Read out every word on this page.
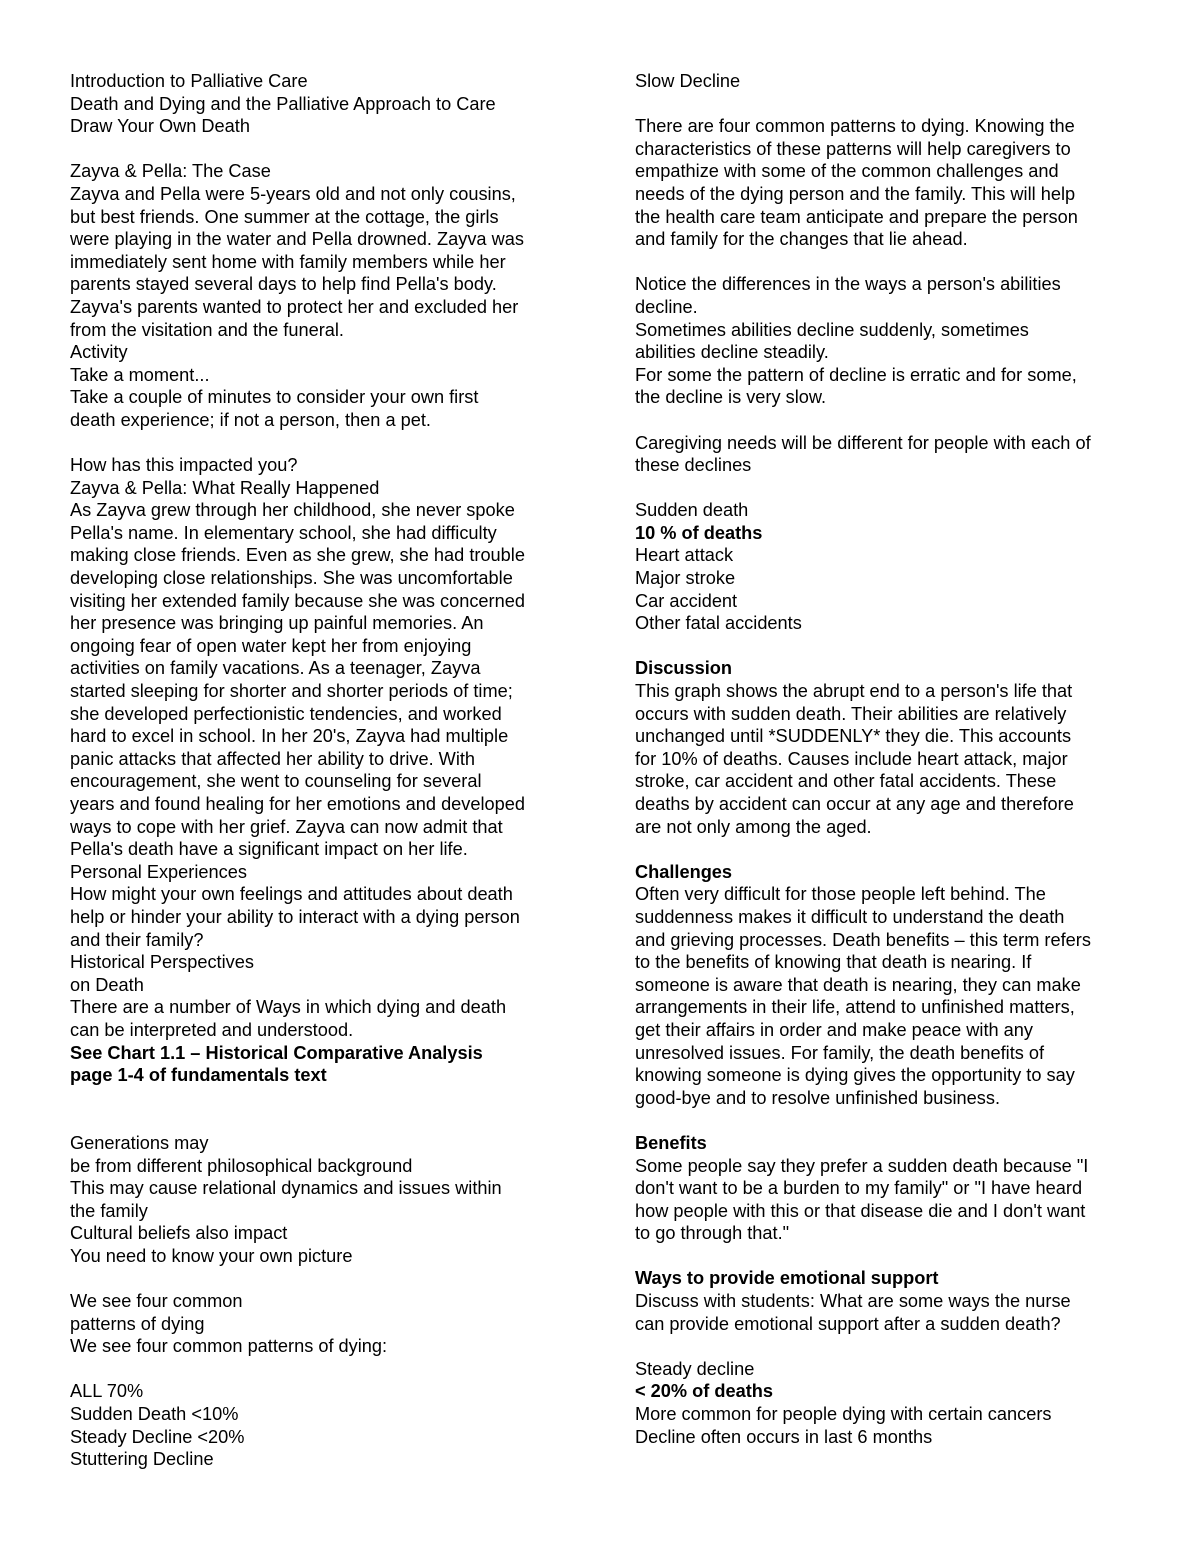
Introduction to Palliative Care
Death and Dying and the Palliative Approach to Care
Draw Your Own Death
Zayva & Pella: The Case
Zayva and Pella were 5-years old and not only cousins,
but best friends. One summer at the cottage, the girls
were playing in the water and Pella drowned. Zayva was
immediately sent home with family members while her
parents stayed several days to help find Pella's body.
Zayva's parents wanted to protect her and excluded her
from the visitation and the funeral.
Activity
Take a moment...
Take a couple of minutes to consider your own first
death experience; if not a person, then a pet.
How has this impacted you?
Zayva & Pella: What Really Happened
As Zayva grew through her childhood, she never spoke
Pella's name. In elementary school, she had difficulty
making close friends. Even as she grew, she had trouble
developing close relationships. She was uncomfortable
visiting her extended family because she was concerned
her presence was bringing up painful memories. An
ongoing fear of open water kept her from enjoying
activities on family vacations. As a teenager, Zayva
started sleeping for shorter and shorter periods of time;
she developed perfectionistic tendencies, and worked
hard to excel in school. In her 20's, Zayva had multiple
panic attacks that affected her ability to drive. With
encouragement, she went to counseling for several
years and found healing for her emotions and developed
ways to cope with her grief. Zayva can now admit that
Pella's death have a significant impact on her life.
Personal Experiences
How might your own feelings and attitudes about death
help or hinder your ability to interact with a dying person
and their family?
Historical Perspectives
on Death
There are a number of Ways in which dying and death
can be interpreted and understood.
See Chart 1.1 – Historical Comparative Analysis
page 1-4 of fundamentals text
Generations may
be from different philosophical background
This may cause relational dynamics and issues within
the family
Cultural beliefs also impact
You need to know your own picture
We see four common
patterns of dying
We see four common patterns of dying:
ALL 70%
Sudden Death <10%
Steady Decline <20%
Stuttering Decline
Slow Decline
There are four common patterns to dying. Knowing the
characteristics of these patterns will help caregivers to
empathize with some of the common challenges and
needs of the dying person and the family. This will help
the health care team anticipate and prepare the person
and family for the changes that lie ahead.
Notice the differences in the ways a person's abilities
decline.
Sometimes abilities decline suddenly, sometimes
abilities decline steadily.
For some the pattern of decline is erratic and for some,
the decline is very slow.
Caregiving needs will be different for people with each of
these declines
Sudden death
10 % of deaths
Heart attack
Major stroke
Car accident
Other fatal accidents
Discussion
This graph shows the abrupt end to a person's life that
occurs with sudden death. Their abilities are relatively
unchanged until *SUDDENLY* they die. This accounts
for 10% of deaths. Causes include heart attack, major
stroke, car accident and other fatal accidents. These
deaths by accident can occur at any age and therefore
are not only among the aged.
Challenges
Often very difficult for those people left behind. The
suddenness makes it difficult to understand the death
and grieving processes. Death benefits – this term refers
to the benefits of knowing that death is nearing. If
someone is aware that death is nearing, they can make
arrangements in their life, attend to unfinished matters,
get their affairs in order and make peace with any
unresolved issues. For family, the death benefits of
knowing someone is dying gives the opportunity to say
good-bye and to resolve unfinished business.
Benefits
Some people say they prefer a sudden death because "I
don't want to be a burden to my family" or "I have heard
how people with this or that disease die and I don't want
to go through that."
Ways to provide emotional support
Discuss with students: What are some ways the nurse
can provide emotional support after a sudden death?
Steady decline
< 20% of deaths
More common for people dying with certain cancers
Decline often occurs in last 6 months
